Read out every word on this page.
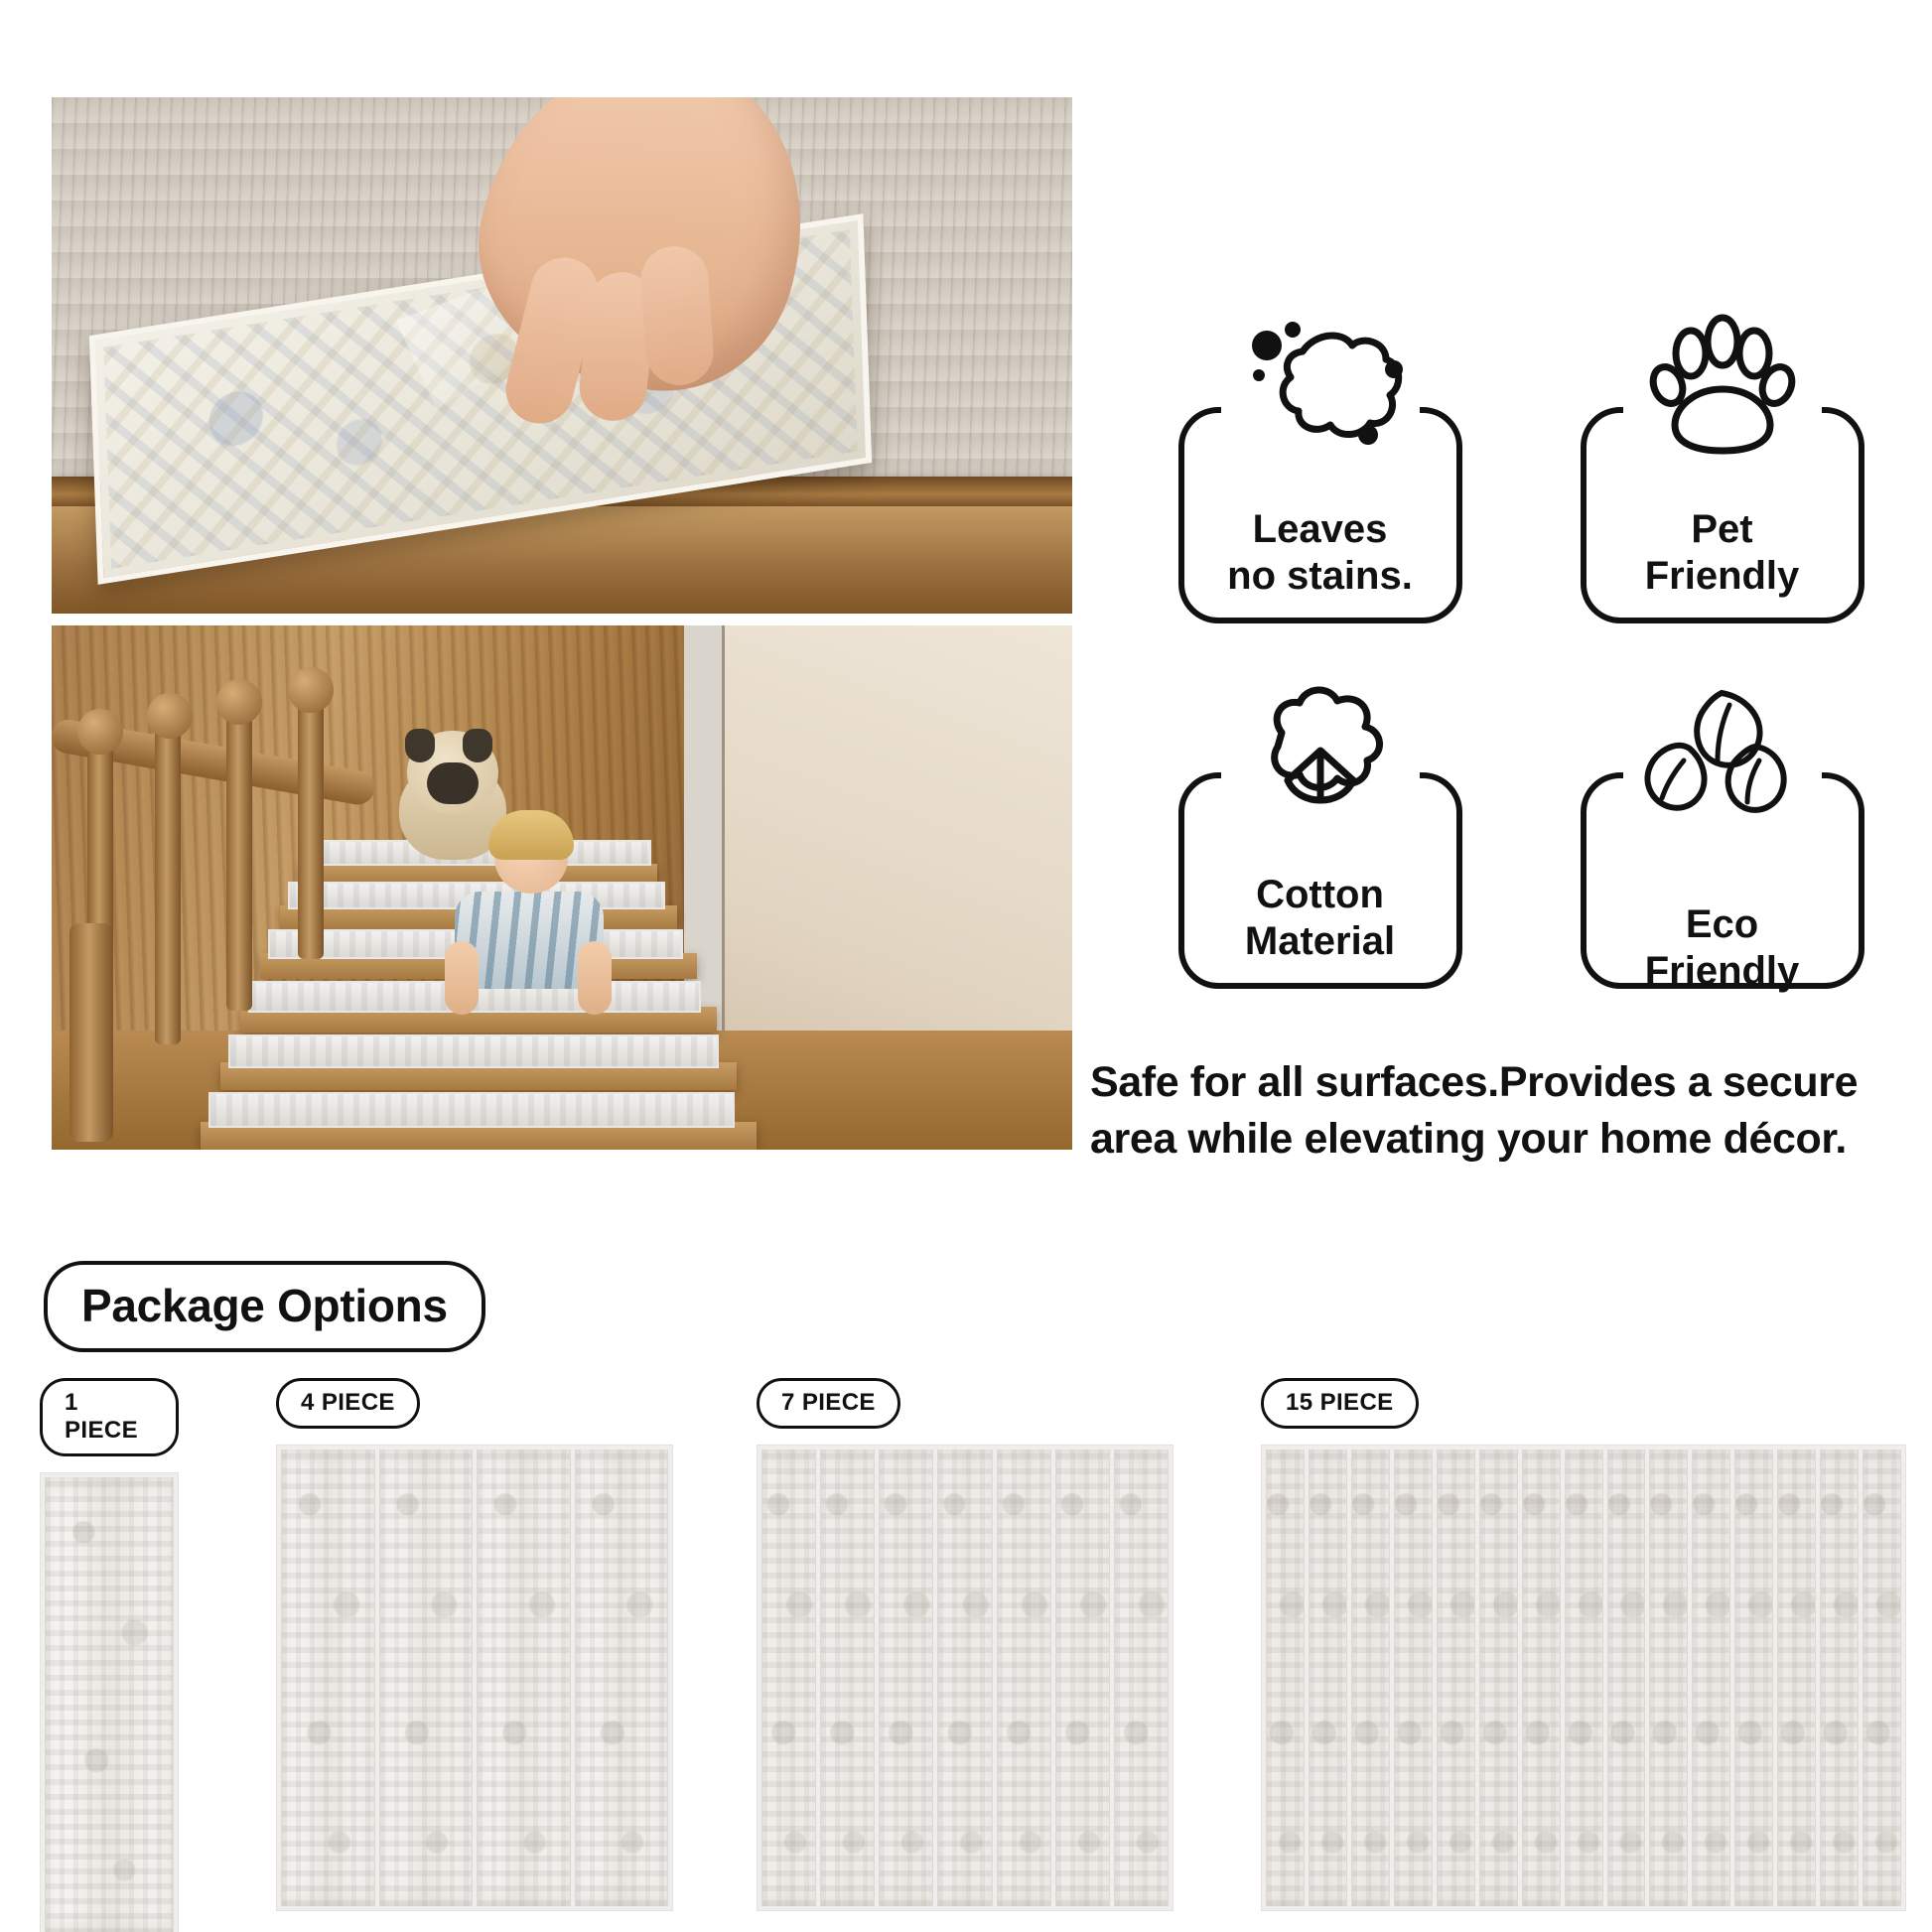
Leaves
no stains.
Pet
Friendly
Cotton
Material	Eco
Friendly
Safe for all surfaces.Provides a secure area while elevating your home décor.
Package Options
1 PIECE
4 PIECE	7 PIECE	15 PIECE
